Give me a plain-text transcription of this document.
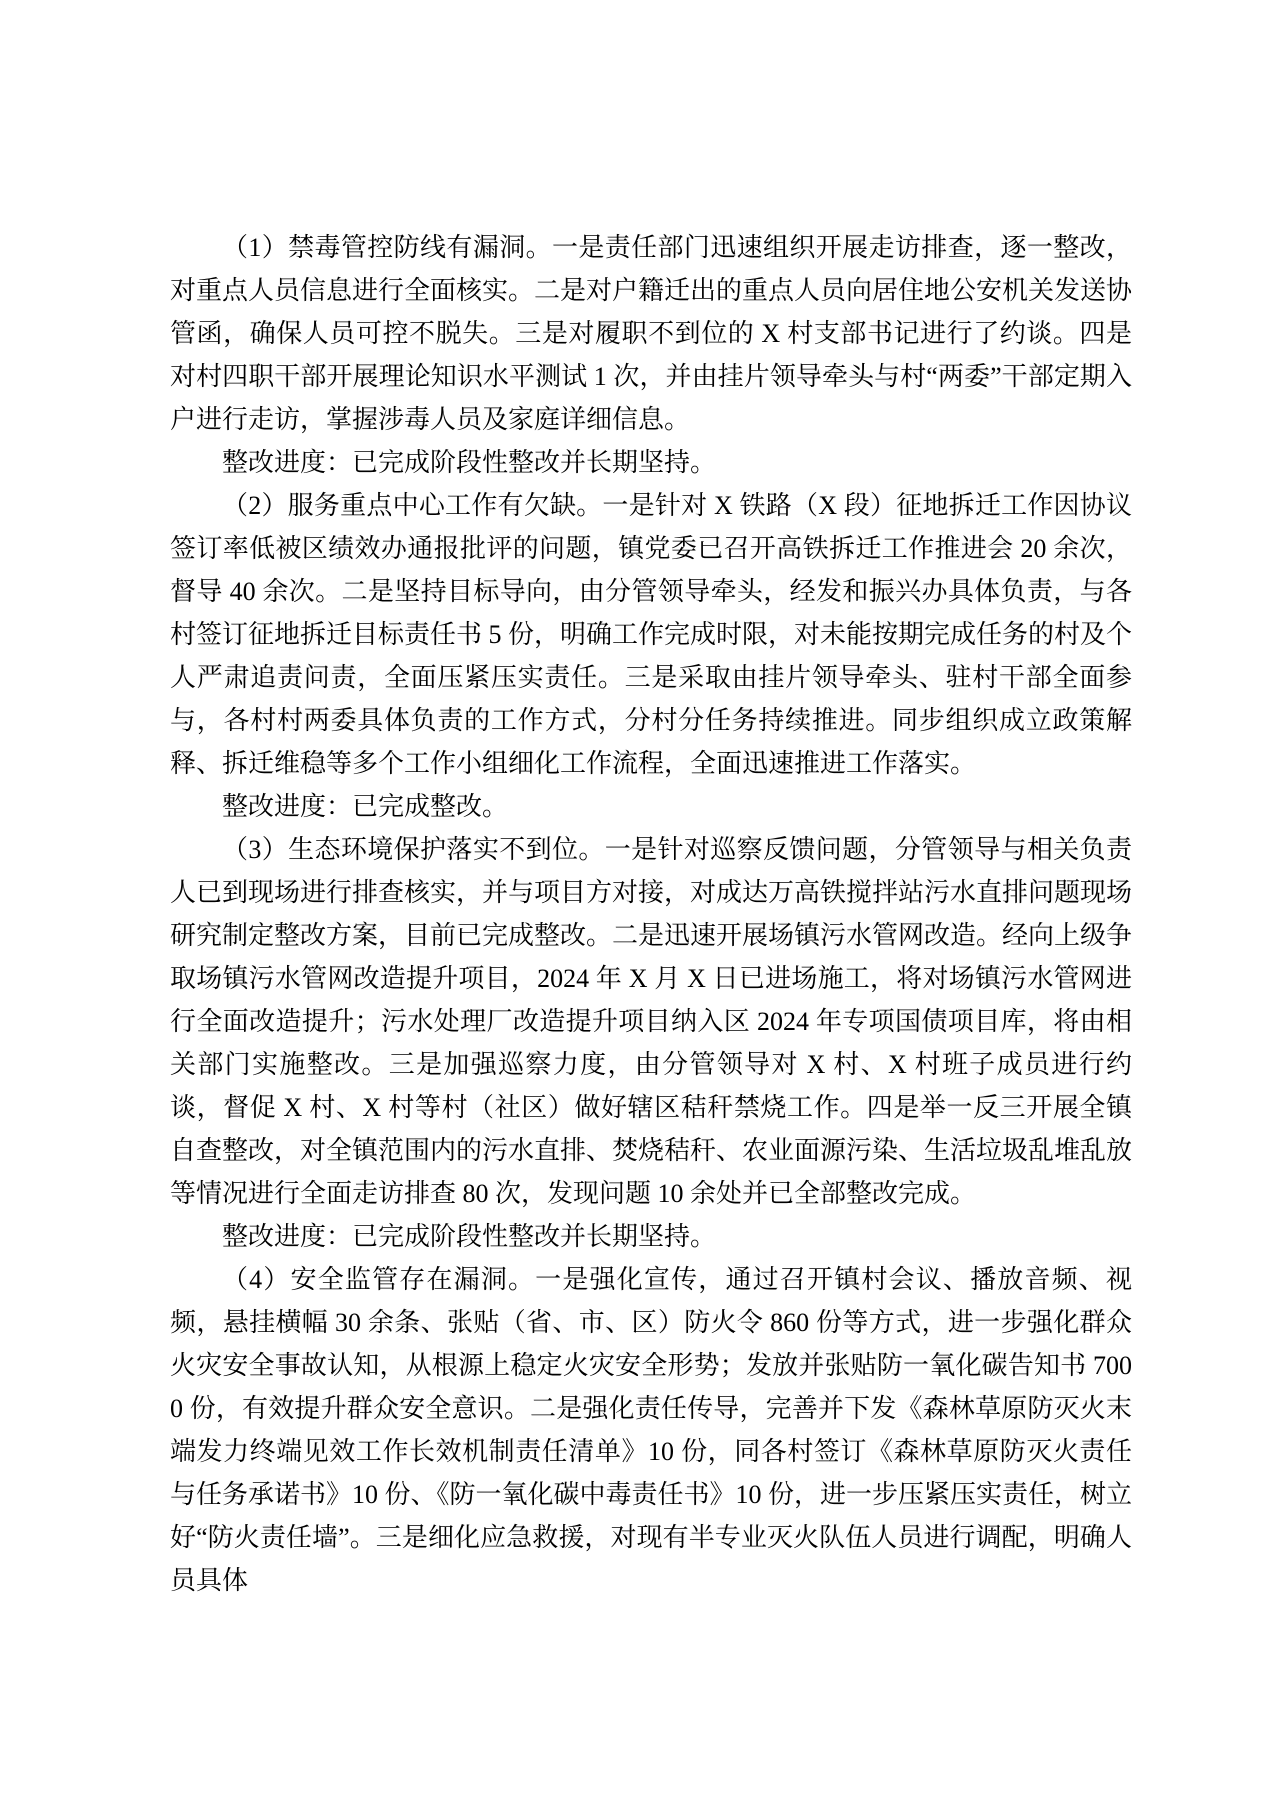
（1）禁毒管控防线有漏洞。一是责任部门迅速组织开展走访排查，逐一整改，对重点人员信息进行全面核实。二是对户籍迁出的重点人员向居住地公安机关发送协管函，确保人员可控不脱失。三是对履职不到位的 X 村支部书记进行了约谈。四是对村四职干部开展理论知识水平测试 1 次，并由挂片领导牵头与村“两委”干部定期入户进行走访，掌握涉毒人员及家庭详细信息。

整改进度：已完成阶段性整改并长期坚持。

（2）服务重点中心工作有欠缺。一是针对 X 铁路（X 段）征地拆迁工作因协议签订率低被区绩效办通报批评的问题，镇党委已召开高铁拆迁工作推进会 20 余次，督导 40 余次。二是坚持目标导向，由分管领导牵头，经发和振兴办具体负责，与各村签订征地拆迁目标责任书 5 份，明确工作完成时限，对未能按期完成任务的村及个人严肃追责问责，全面压紧压实责任。三是采取由挂片领导牵头、驻村干部全面参与，各村村两委具体负责的工作方式，分村分任务持续推进。同步组织成立政策解释、拆迁维稳等多个工作小组细化工作流程，全面迅速推进工作落实。

整改进度：已完成整改。

（3）生态环境保护落实不到位。一是针对巡察反馈问题，分管领导与相关负责人已到现场进行排查核实，并与项目方对接，对成达万高铁搅拌站污水直排问题现场研究制定整改方案，目前已完成整改。二是迅速开展场镇污水管网改造。经向上级争取场镇污水管网改造提升项目，2024 年 X 月 X 日已进场施工，将对场镇污水管网进行全面改造提升；污水处理厂改造提升项目纳入区 2024 年专项国债项目库，将由相关部门实施整改。三是加强巡察力度，由分管领导对 X 村、X 村班子成员进行约谈，督促 X 村、X 村等村（社区）做好辖区秸秆禁烧工作。四是举一反三开展全镇自查整改，对全镇范围内的污水直排、焚烧秸秆、农业面源污染、生活垃圾乱堆乱放等情况进行全面走访排查 80 次，发现问题 10 余处并已全部整改完成。

整改进度：已完成阶段性整改并长期坚持。

（4）安全监管存在漏洞。一是强化宣传，通过召开镇村会议、播放音频、视频，悬挂横幅 30 余条、张贴（省、市、区）防火令 860 份等方式，进一步强化群众火灾安全事故认知，从根源上稳定火灾安全形势；发放并张贴防一氧化碳告知书 7000 份，有效提升群众安全意识。二是强化责任传导，完善并下发《森林草原防灭火末端发力终端见效工作长效机制责任清单》10 份，同各村签订《森林草原防灭火责任与任务承诺书》10 份、《防一氧化碳中毒责任书》10 份，进一步压紧压实责任，树立好“防火责任墙”。三是细化应急救援，对现有半专业灭火队伍人员进行调配，明确人员具体
